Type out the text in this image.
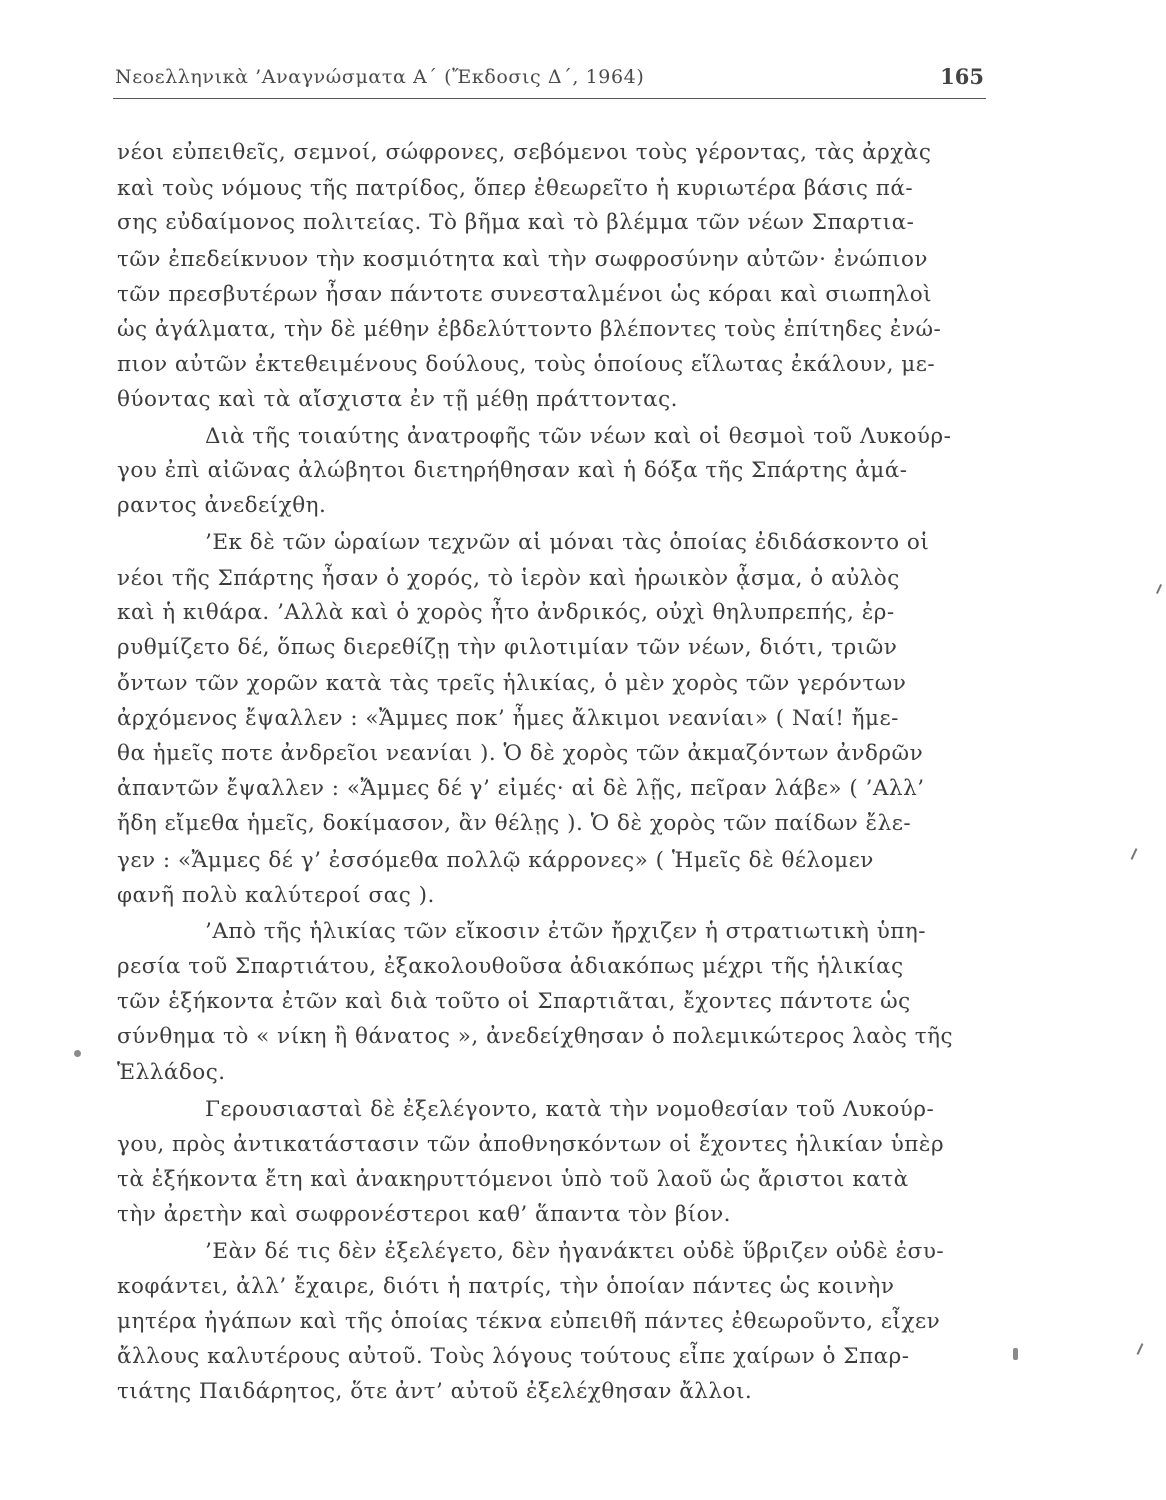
Νεοελληνικὰ ’Αναγνώσματα Α΄ (Ἔκδοσις Δ΄, 1964)	165
νέοι εὐπειθεῖς, σεμνοί, σώφρονες, σεβόμενοι τοὺς γέροντας, τὰς ἀρχὰς
καὶ τοὺς νόμους τῆς πατρίδος, ὅπερ ἐθεωρεῖτο ἡ κυριωτέρα βάσις πά-
σης εὐδαίμονος πολιτείας. Τὸ βῆμα καὶ τὸ βλέμμα τῶν νέων Σπαρτια-
τῶν ἐπεδείκνυον τὴν κοσμιότητα καὶ τὴν σωφροσύνην αὐτῶν· ἐνώπιον
τῶν πρεσβυτέρων ἦσαν πάντοτε συνεσταλμένοι ὡς κόραι καὶ σιωπηλοὶ
ὡς ἀγάλματα, τὴν δὲ μέθην ἐβδελύττοντο βλέποντες τοὺς ἐπίτηδες ἐνώ-
πιον αὐτῶν ἐκτεθειμένους δούλους, τοὺς ὁποίους εἵλωτας ἐκάλουν, με-
θύοντας καὶ τὰ αἴσχιστα ἐν τῇ μέθῃ πράττοντας.
Διὰ τῆς τοιαύτης ἀνατροφῆς τῶν νέων καὶ οἱ θεσμοὶ τοῦ Λυκούρ-
γου ἐπὶ αἰῶνας ἀλώβητοι διετηρήθησαν καὶ ἡ δόξα τῆς Σπάρτης ἀμά-
ραντος ἀνεδείχθη.
’Εκ δὲ τῶν ὡραίων τεχνῶν αἱ μόναι τὰς ὁποίας ἐδιδάσκοντο οἱ
νέοι τῆς Σπάρτης ἦσαν ὁ χορός, τὸ ἱερὸν καὶ ἡρωικὸν ᾆσμα, ὁ αὐλὸς
καὶ ἡ κιθάρα. ’Αλλὰ καὶ ὁ χορὸς ἦτο ἀνδρικός, οὐχὶ θηλυπρεπής, ἐρ-
ρυθμίζετο δέ, ὅπως διερεθίζῃ τὴν φιλοτιμίαν τῶν νέων, διότι, τριῶν
ὄντων τῶν χορῶν κατὰ τὰς τρεῖς ἡλικίας, ὁ μὲν χορὸς τῶν γερόντων
ἀρχόμενος ἔψαλλεν : «Ἄμμες ποκ’ ἦμες ἄλκιμοι νεανίαι» ( Ναί! ἤμε-
θα ἡμεῖς ποτε ἀνδρεῖοι νεανίαι ). Ὁ δὲ χορὸς τῶν ἀκμαζόντων ἀνδρῶν
ἀπαντῶν ἔψαλλεν : «Ἄμμες δέ γ’ εἰμές· αἰ δὲ λῇς, πεῖραν λάβε» ( ’Αλλ’
ἤδη εἴμεθα ἡμεῖς, δοκίμασον, ἂν θέλῃς ). Ὁ δὲ χορὸς τῶν παίδων ἔλε-
γεν : «Ἄμμες δέ γ’ ἐσσόμεθα πολλῷ κάρρονες» ( Ἡμεῖς δὲ θέλομεν
φανῆ πολὺ καλύτεροί σας ).
’Απὸ τῆς ἡλικίας τῶν εἴκοσιν ἐτῶν ἤρχιζεν ἡ στρατιωτικὴ ὑπη-
ρεσία τοῦ Σπαρτιάτου, ἐξακολουθοῦσα ἀδιακόπως μέχρι τῆς ἡλικίας
τῶν ἑξήκοντα ἐτῶν καὶ διὰ τοῦτο οἱ Σπαρτιᾶται, ἔχοντες πάντοτε ὡς
σύνθημα τὸ « νίκη ἢ θάνατος », ἀνεδείχθησαν ὁ πολεμικώτερος λαὸς τῆς
Ἑλλάδος.
Γερουσιασταὶ δὲ ἐξελέγοντο, κατὰ τὴν νομοθεσίαν τοῦ Λυκούρ-
γου, πρὸς ἀντικατάστασιν τῶν ἀποθνησκόντων οἱ ἔχοντες ἡλικίαν ὑπὲρ
τὰ ἑξήκοντα ἔτη καὶ ἀνακηρυττόμενοι ὑπὸ τοῦ λαοῦ ὡς ἄριστοι κατὰ
τὴν ἀρετὴν καὶ σωφρονέστεροι καθ’ ἅπαντα τὸν βίον.
’Εὰν δέ τις δὲν ἐξελέγετο, δὲν ἠγανάκτει οὐδὲ ὕβριζεν οὐδὲ ἐσυ-
κοφάντει, ἀλλ’ ἔχαιρε, διότι ἡ πατρίς, τὴν ὁποίαν πάντες ὡς κοινὴν
μητέρα ἠγάπων καὶ τῆς ὁποίας τέκνα εὐπειθῆ πάντες ἐθεωροῦντο, εἶχεν
ἄλλους καλυτέρους αὐτοῦ. Τοὺς λόγους τούτους εἶπε χαίρων ὁ Σπαρ-
τιάτης Παιδάρητος, ὅτε ἀντ’ αὐτοῦ ἐξελέχθησαν ἄλλοι.
